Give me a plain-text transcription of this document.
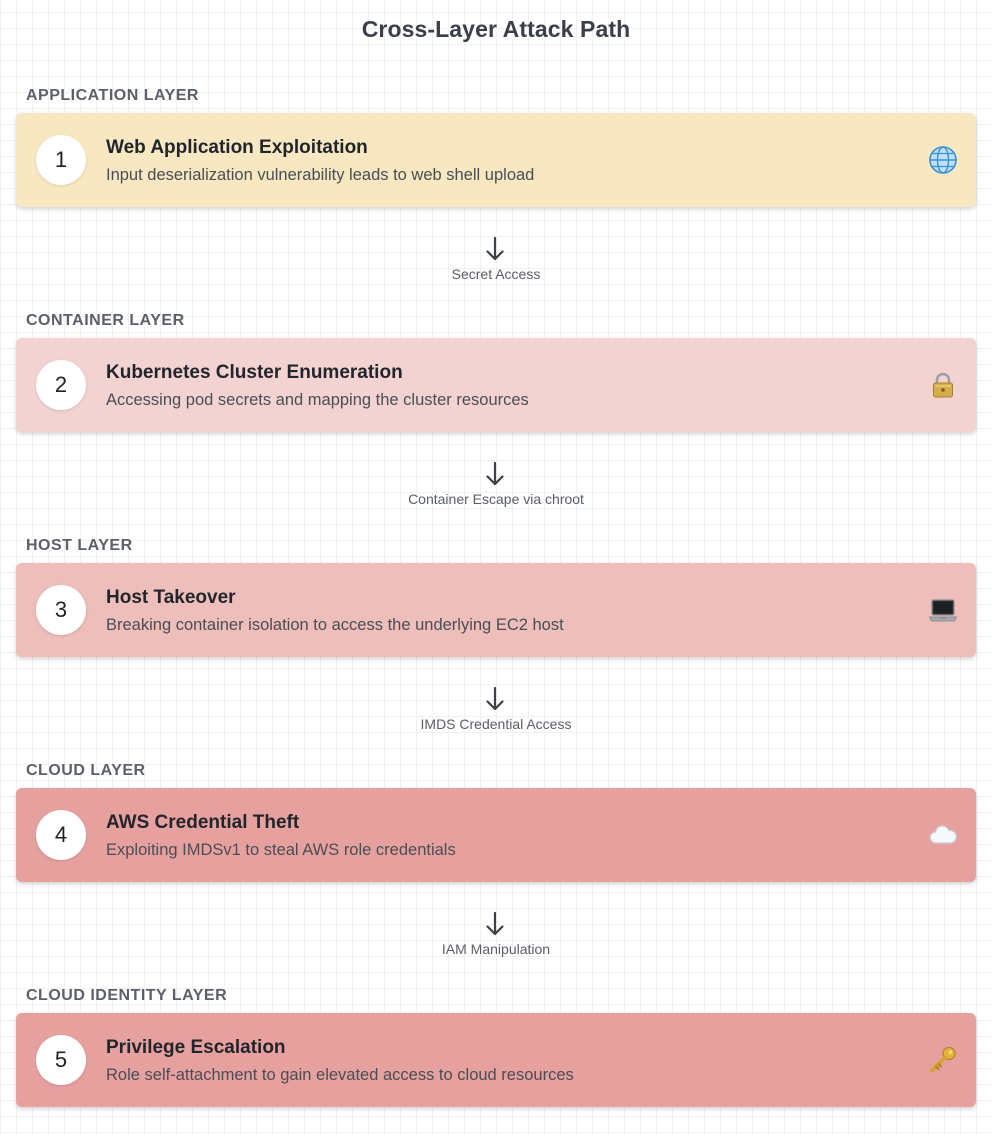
Cross-Layer Attack Path
APPLICATION LAYER
1	Web Application Exploitation
Input deserialization vulnerability leads to web shell upload
Secret Access
CONTAINER LAYER
2	Kubernetes Cluster Enumeration
Accessing pod secrets and mapping the cluster resources
Container Escape via chroot
HOST LAYER
3	Host Takeover
Breaking container isolation to access the underlying EC2 host
IMDS Credential Access
CLOUD LAYER
4	AWS Credential Theft
Exploiting IMDSv1 to steal AWS role credentials
IAM Manipulation
CLOUD IDENTITY LAYER
5	Privilege Escalation
Role self-attachment to gain elevated access to cloud resources
